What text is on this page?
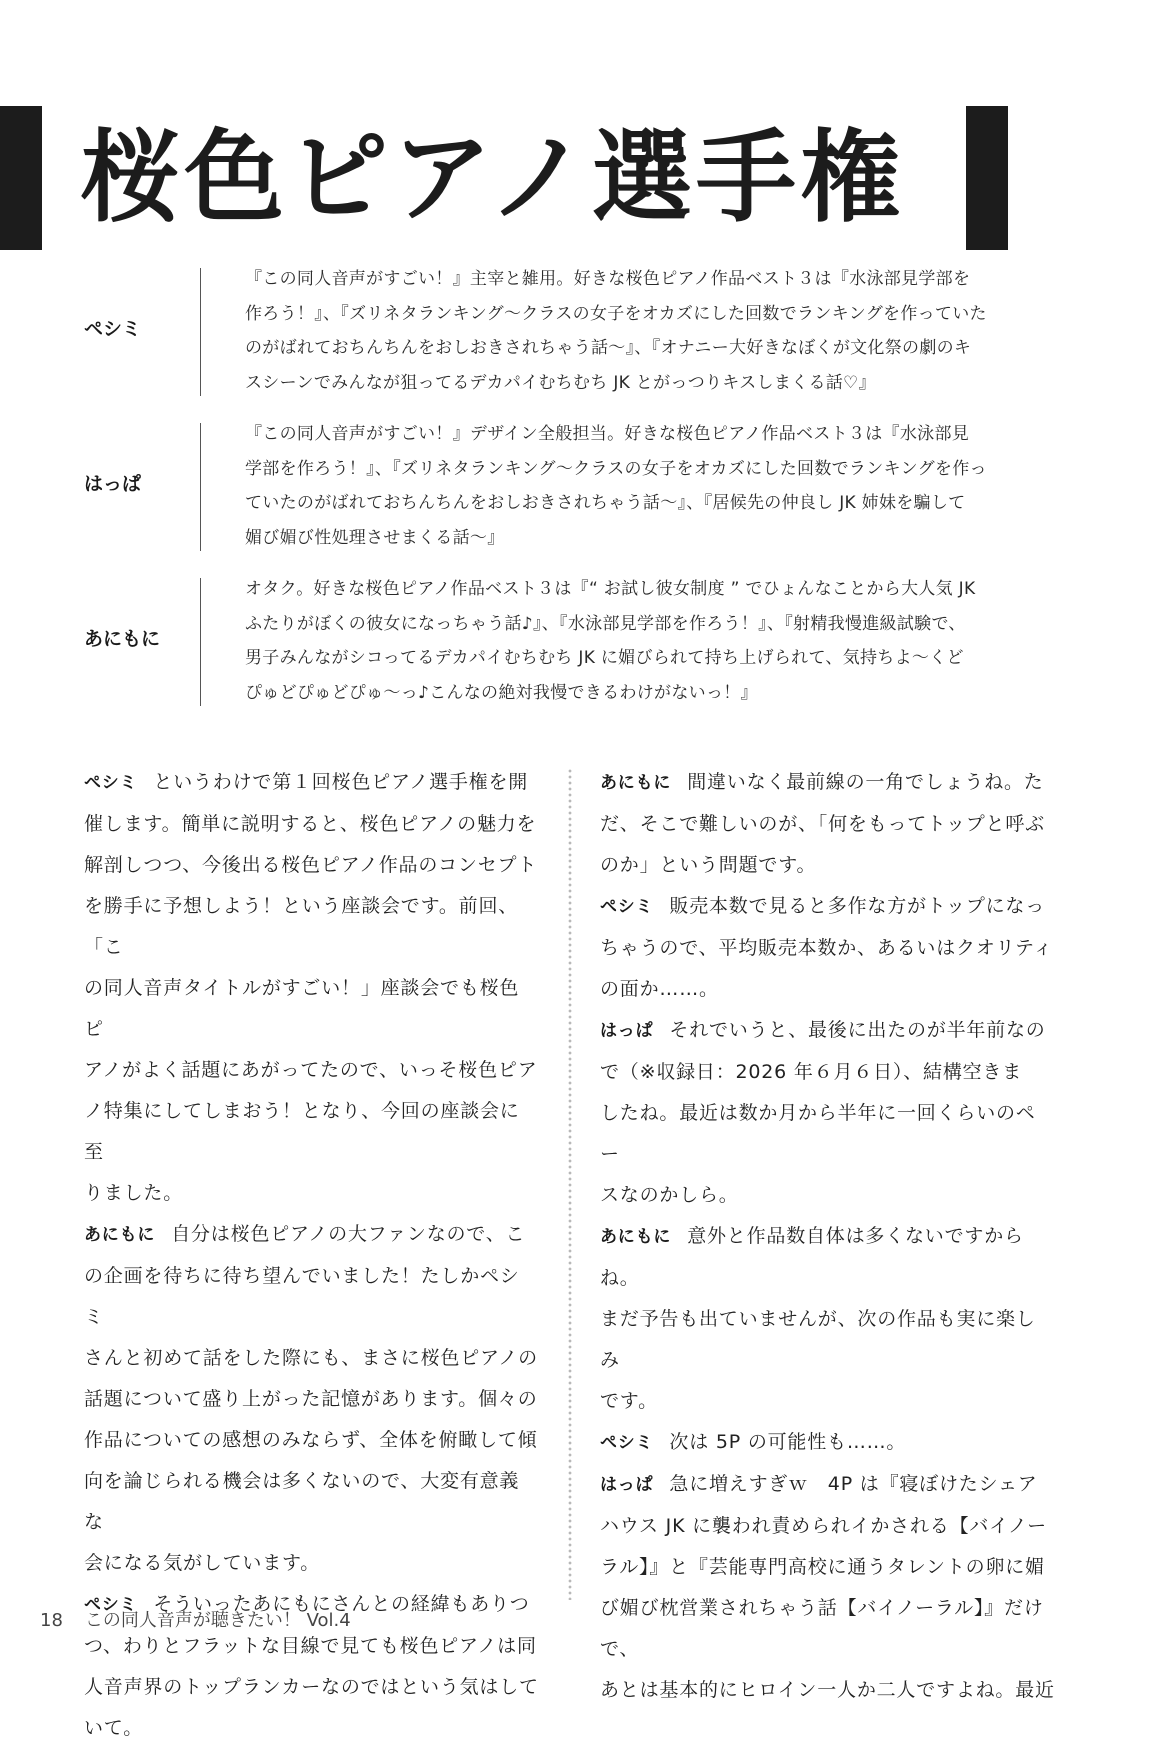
桜色ピアノ選手権
ペシミ
『この同人音声がすごい！』主宰と雑用。好きな桜色ピアノ作品ベスト３は『水泳部見学部を
作ろう！』、『ズリネタランキング～クラスの女子をオカズにした回数でランキングを作っていた
のがばれておちんちんをおしおきされちゃう話～』、『オナニー大好きなぼくが文化祭の劇のキ
スシーンでみんなが狙ってるデカパイむちむち JK とがっつりキスしまくる話♡』
はっぱ
『この同人音声がすごい！』デザイン全般担当。好きな桜色ピアノ作品ベスト３は『水泳部見
学部を作ろう！』、『ズリネタランキング～クラスの女子をオカズにした回数でランキングを作っ
ていたのがばれておちんちんをおしおきされちゃう話～』、『居候先の仲良し JK 姉妹を騙して
媚び媚び性処理させまくる話～』
あにもに
オタク。好きな桜色ピアノ作品ベスト３は『“ お試し彼女制度 ” でひょんなことから大人気 JK
ふたりがぼくの彼女になっちゃう話♪』、『水泳部見学部を作ろう！』、『射精我慢進級試験で、
男子みんながシコってるデカパイむちむち JK に媚びられて持ち上げられて、気持ちよ～くど
ぴゅどぴゅどぴゅ～っ♪こんなの絶対我慢できるわけがないっ！』

ペシミ というわけで第１回桜色ピアノ選手権を開
催します。簡単に説明すると、桜色ピアノの魅力を
解剖しつつ、今後出る桜色ピアノ作品のコンセプト
を勝手に予想しよう！という座談会です。前回、「こ
の同人音声タイトルがすごい！」座談会でも桜色ピ
アノがよく話題にあがってたので、いっそ桜色ピア
ノ特集にしてしまおう！となり、今回の座談会に至
りました。

あにもに 自分は桜色ピアノの大ファンなので、こ
の企画を待ちに待ち望んでいました！たしかペシミ
さんと初めて話をした際にも、まさに桜色ピアノの
話題について盛り上がった記憶があります。個々の
作品についての感想のみならず、全体を俯瞰して傾
向を論じられる機会は多くないので、大変有意義な
会になる気がしています。

ペシミ そういったあにもにさんとの経緯もありつ
つ、わりとフラットな目線で見ても桜色ピアノは同
人音声界のトップランカーなのではという気はして
いて。

あにもに 間違いなく最前線の一角でしょうね。た
だ、そこで難しいのが、「何をもってトップと呼ぶ
のか」という問題です。

ペシミ 販売本数で見ると多作な方がトップになっ
ちゃうので、平均販売本数か、あるいはクオリティ
の面か……。

はっぱ それでいうと、最後に出たのが半年前なの
で（※収録日：2026 年６月６日）、結構空きま
したね。最近は数か月から半年に一回くらいのペー
スなのかしら。

あにもに 意外と作品数自体は多くないですからね。
まだ予告も出ていませんが、次の作品も実に楽しみ
です。

ペシミ 次は 5P の可能性も……。

はっぱ 急に増えすぎｗ　4P は『寝ぼけたシェア
ハウス JK に襲われ責められイかされる【バイノー
ラル】』と『芸能専門高校に通うタレントの卵に媚
び媚び枕営業されちゃう話【バイノーラル】』だけで、
あとは基本的にヒロイン一人か二人ですよね。最近

18 この同人音声が聴きたい！ Vol.4
